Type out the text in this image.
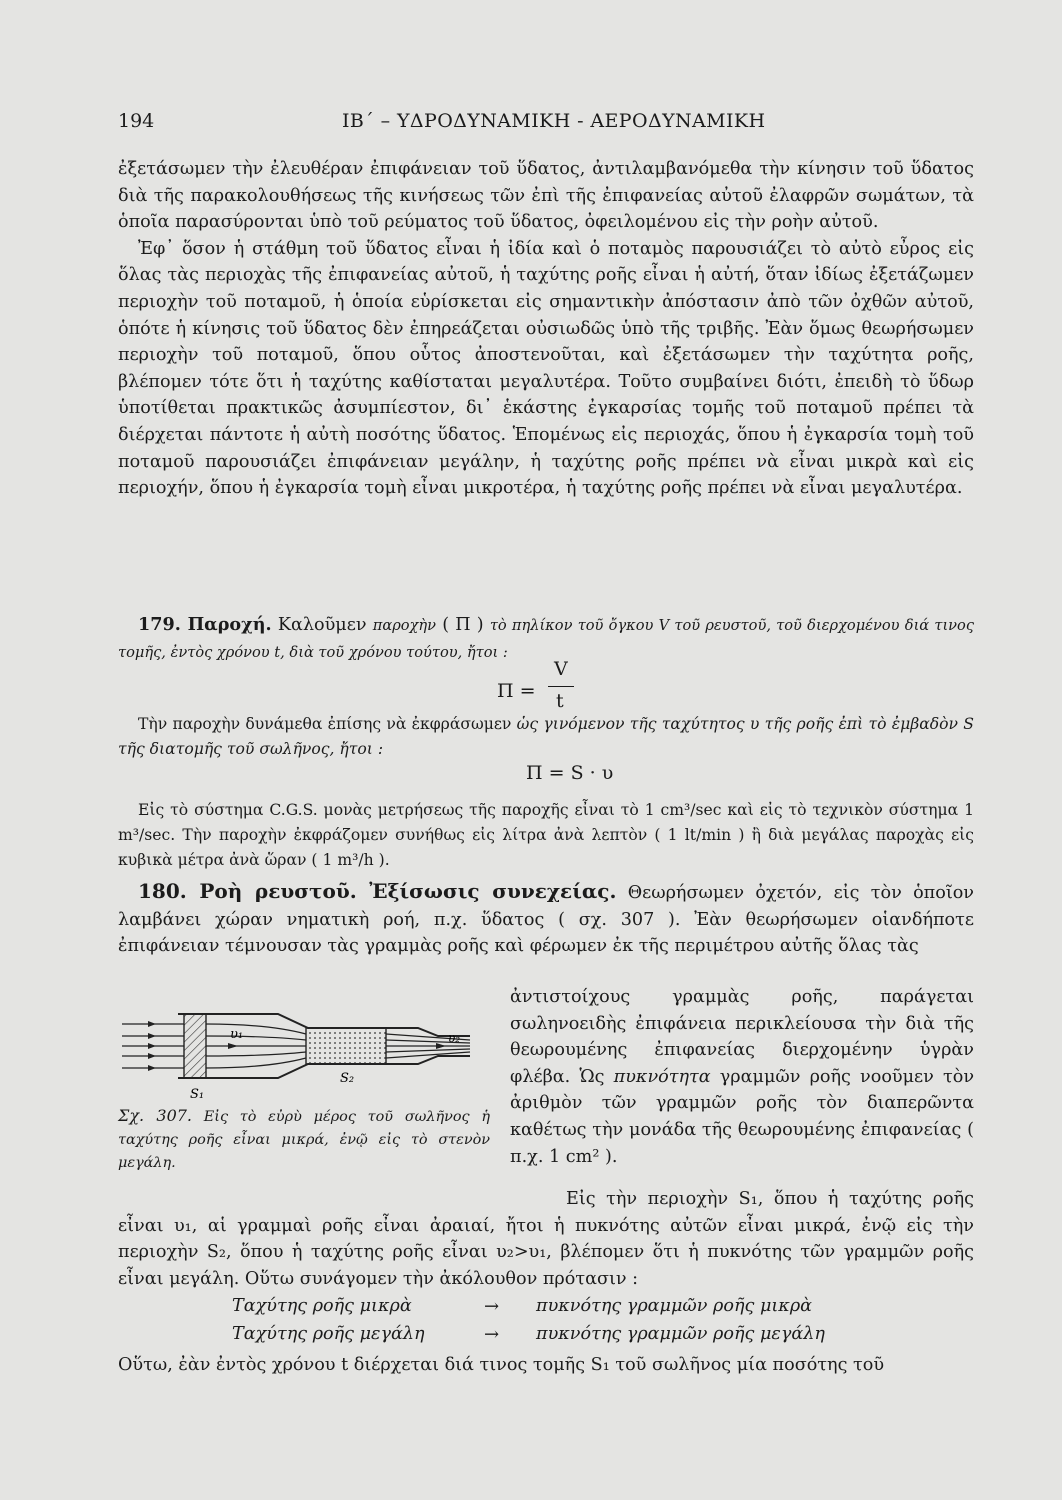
194	ΙΒ΄ – ΥΔΡΟΔΥΝΑΜΙΚΗ - ΑΕΡΟΔΥΝΑΜΙΚΗ

ἐξετάσωμεν τὴν ἐλευθέραν ἐπιφάνειαν τοῦ ὕδατος, ἀντιλαμβανόμεθα τὴν κίνησιν τοῦ ὕδατος διὰ τῆς παρακολουθήσεως τῆς κινήσεως τῶν ἐπὶ τῆς ἐπιφανείας αὐτοῦ ἐλαφρῶν σωμάτων, τὰ ὁποῖα παρασύρονται ὑπὸ τοῦ ρεύματος τοῦ ὕδατος, ὀφειλομένου εἰς τὴν ροὴν αὐτοῦ.

Ἐφ᾽ ὅσον ἡ στάθμη τοῦ ὕδατος εἶναι ἡ ἰδία καὶ ὁ ποταμὸς παρουσιάζει τὸ αὐτὸ εὖρος εἰς ὅλας τὰς περιοχὰς τῆς ἐπιφανείας αὐτοῦ, ἡ ταχύτης ροῆς εἶναι ἡ αὐτή, ὅταν ἰδίως ἐξετάζωμεν περιοχὴν τοῦ ποταμοῦ, ἡ ὁποία εὑρίσκεται εἰς σημαντικὴν ἀπόστασιν ἀπὸ τῶν ὀχθῶν αὐτοῦ, ὁπότε ἡ κίνησις τοῦ ὕδατος δὲν ἐπηρεάζεται οὐσιωδῶς ὑπὸ τῆς τριβῆς. Ἐὰν ὅμως θεωρήσωμεν περιοχὴν τοῦ ποταμοῦ, ὅπου οὗτος ἀποστενοῦται, καὶ ἐξετάσωμεν τὴν ταχύτητα ροῆς, βλέπομεν τότε ὅτι ἡ ταχύτης καθίσταται μεγαλυτέρα. Τοῦτο συμβαίνει διότι, ἐπειδὴ τὸ ὕδωρ ὑποτίθεται πρακτικῶς ἀσυμπίεστον, δι᾽ ἑκάστης ἐγκαρσίας τομῆς τοῦ ποταμοῦ πρέπει τὰ διέρχεται πάντοτε ἡ αὐτὴ ποσότης ὕδατος. Ἑπομένως εἰς περιοχάς, ὅπου ἡ ἐγκαρσία τομὴ τοῦ ποταμοῦ παρουσιάζει ἐπιφάνειαν μεγάλην, ἡ ταχύτης ροῆς πρέπει νὰ εἶναι μικρὰ καὶ εἰς περιοχήν, ὅπου ἡ ἐγκαρσία τομὴ εἶναι μικροτέρα, ἡ ταχύτης ροῆς πρέπει νὰ εἶναι μεγαλυτέρα.

179. Παροχή. Καλοῦμεν παροχὴν ( Π ) τὸ πηλίκον τοῦ ὄγκου V τοῦ ρευστοῦ, τοῦ διερχομένου διά τινος τομῆς, ἐντὸς χρόνου t, διὰ τοῦ χρόνου τούτου, ἤτοι :

Π =
V
t

Τὴν παροχὴν δυνάμεθα ἐπίσης νὰ ἐκφράσωμεν ὡς γινόμενον τῆς ταχύτητος υ τῆς ροῆς ἐπὶ τὸ ἐμβαδὸν S τῆς διατομῆς τοῦ σωλῆνος, ἤτοι :

Π = S · υ

Εἰς τὸ σύστημα C.G.S. μονὰς μετρήσεως τῆς παροχῆς εἶναι τὸ 1 cm³/sec καὶ εἰς τὸ τεχνικὸν σύστημα 1 m³/sec. Τὴν παροχὴν ἐκφράζομεν συνήθως εἰς λίτρα ἀνὰ λεπτὸν ( 1 lt/min ) ἢ διὰ μεγάλας παροχὰς εἰς κυβικὰ μέτρα ἀνὰ ὥραν ( 1 m³/h ).

180. Ροὴ ρευστοῦ. Ἐξίσωσις συνεχείας. Θεωρήσωμεν ὀχετόν, εἰς τὸν ὁποῖον λαμβάνει χώραν νηματικὴ ροή, π.χ. ὕδατος ( σχ. 307 ). Ἐὰν θεωρήσωμεν οἱανδήποτε ἐπιφάνειαν τέμνουσαν τὰς γραμμὰς ροῆς καὶ φέρωμεν ἐκ τῆς περιμέτρου αὐτῆς ὅλας τὰς

υ₁	υ₂
S₁
S₂
Σχ. 307. Εἰς τὸ εὐρὺ μέρος τοῦ σωλῆνος ἡ ταχύτης ροῆς εἶναι μικρά, ἐνῷ εἰς τὸ στενὸν μεγάλη.
ἀντιστοίχους γραμμὰς ροῆς, παράγεται σωληνοειδὴς ἐπιφάνεια περικλείουσα τὴν διὰ τῆς θεωρουμένης ἐπιφανείας διερχομένην ὑγρὰν φλέβα. Ὡς πυκνότητα γραμμῶν ροῆς νοοῦμεν τὸν ἀριθμὸν τῶν γραμμῶν ροῆς τὸν διαπερῶντα καθέτως τὴν μονάδα τῆς θεωρουμένης ἐπιφανείας ( π.χ. 1 cm² ).

Εἰς τὴν περιοχὴν S₁, ὅπου ἡ ταχύτης ροῆς εἶναι υ₁, αἱ γραμμαὶ ροῆς εἶναι ἀραιαί, ἤτοι ἡ πυκνότης αὐτῶν εἶναι μικρά, ἐνῷ εἰς τὴν περιοχὴν S₂, ὅπου ἡ ταχύτης ροῆς εἶναι υ₂>υ₁, βλέπομεν ὅτι ἡ πυκνότης τῶν γραμμῶν ροῆς εἶναι μεγάλη. Οὕτω συνάγομεν τὴν ἀκόλουθον πρότασιν :

Ταχύτης ροῆς μικρὰ	→ πυκνότης γραμμῶν ροῆς μικρὰ
Ταχύτης ροῆς μεγάλη	→ πυκνότης γραμμῶν ροῆς μεγάλη

Οὕτω, ἐὰν ἐντὸς χρόνου t διέρχεται διά τινος τομῆς S₁ τοῦ σωλῆνος μία ποσότης τοῦ
